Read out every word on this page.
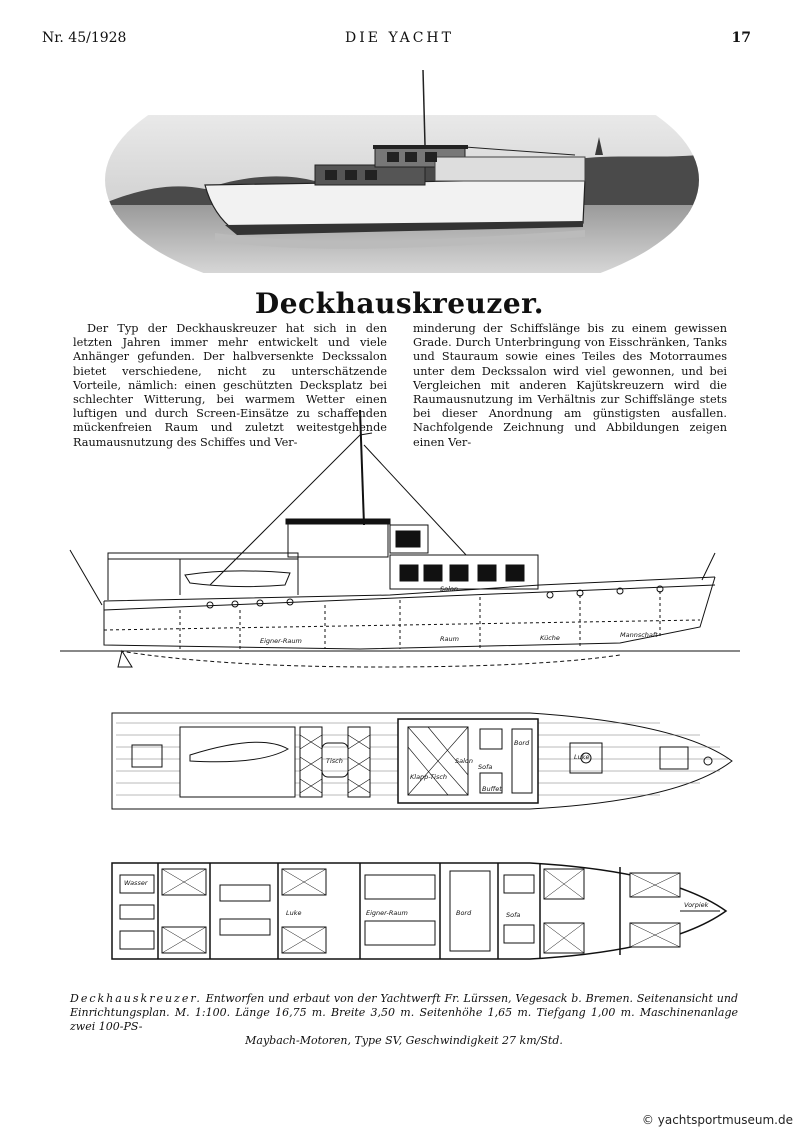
Nr. 45/1928	DIE YACHT	17
Deckhauskreuzer.

Der Typ der Deckhauskreuzer hat sich in den letzten Jahren immer mehr entwickelt und viele Anhänger gefunden. Der halbversenkte Deckssalon bietet verschiedene, nicht zu unterschätzende Vorteile, nämlich: einen geschützten Decksplatz bei schlechter Witterung, bei warmem Wetter einen luftigen und durch Screen-Einsätze zu schaffenden mückenfreien Raum und zuletzt weitestgehende Raumausnutzung des Schiffes und Ver-

minderung der Schiffslänge bis zu einem gewissen Grade. Durch Unterbringung von Eisschränken, Tanks und Stauraum sowie eines Teiles des Motorraumes unter dem Deckssalon wird viel gewonnen, und bei Vergleichen mit anderen Kajütskreuzern wird die Raumausnutzung im Verhältnis zur Schiffslänge stets bei dieser Anordnung am günstigsten ausfallen. Nachfolgende Zeichnung und Abbildungen zeigen einen Ver-

Salon
Eigner-Raum	Küche	Mannschaft
Raum
Salon
Bord
Sofa
Buffet
Tisch
Klapp-Tisch
Luke
Eigner-Raum	Sofa
Bord
Luke
Vorpiek
Wasser
Deckhauskreuzer. Entworfen und erbaut von der Yachtwerft Fr. Lürssen, Vegesack b. Bremen. Seitenansicht und Einrichtungsplan. M. 1:100. Länge 16,75 m. Breite 3,50 m. Seitenhöhe 1,65 m. Tiefgang 1,00 m. Maschinenanlage zwei 100-PS-
Maybach-Motoren, Type SV, Geschwindigkeit 27 km/Std.
© yachtsportmuseum.de
